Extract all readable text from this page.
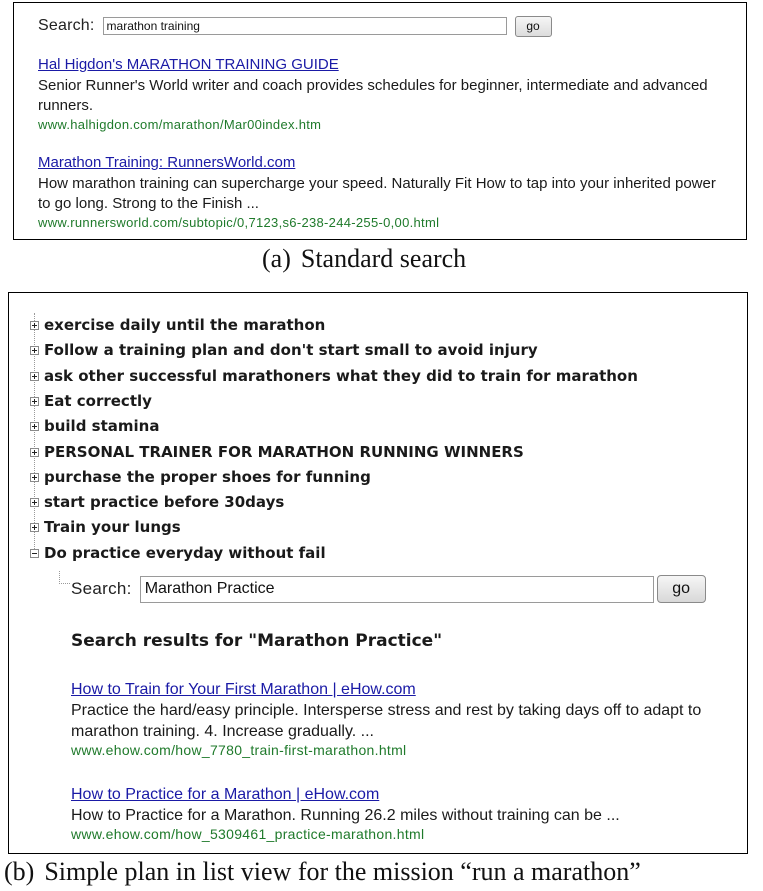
Search:
marathon training	go
Hal Higdon's MARATHON TRAINING GUIDE
Senior Runner's World writer and coach provides schedules for beginner, intermediate and advanced runners.
www.halhigdon.com/marathon/Mar00index.htm
Marathon Training: RunnersWorld.com
How marathon training can supercharge your speed. Naturally Fit How to tap into your inherited power to go long. Strong to the Finish ...
www.runnersworld.com/subtopic/0,7123,s6-238-244-255-0,00.html
(a) Standard search
exercise daily until the marathon
Follow a training plan and don't start small to avoid injury
ask other successful marathoners what they did to train for marathon
Eat correctly
build stamina
PERSONAL TRAINER FOR MARATHON RUNNING WINNERS
purchase the proper shoes for funning
start practice before 30days
Train your lungs
Do practice everyday without fail
Search:
Marathon Practice	go
Search results for "Marathon Practice"
How to Train for Your First Marathon | eHow.com
Practice the hard/easy principle. Intersperse stress and rest by taking days off to adapt to marathon training. 4. Increase gradually. ...
www.ehow.com/how_7780_train-first-marathon.html
How to Practice for a Marathon | eHow.com
How to Practice for a Marathon. Running 26.2 miles without training can be ...
www.ehow.com/how_5309461_practice-marathon.html
(b) Simple plan in list view for the mission “run a marathon”
